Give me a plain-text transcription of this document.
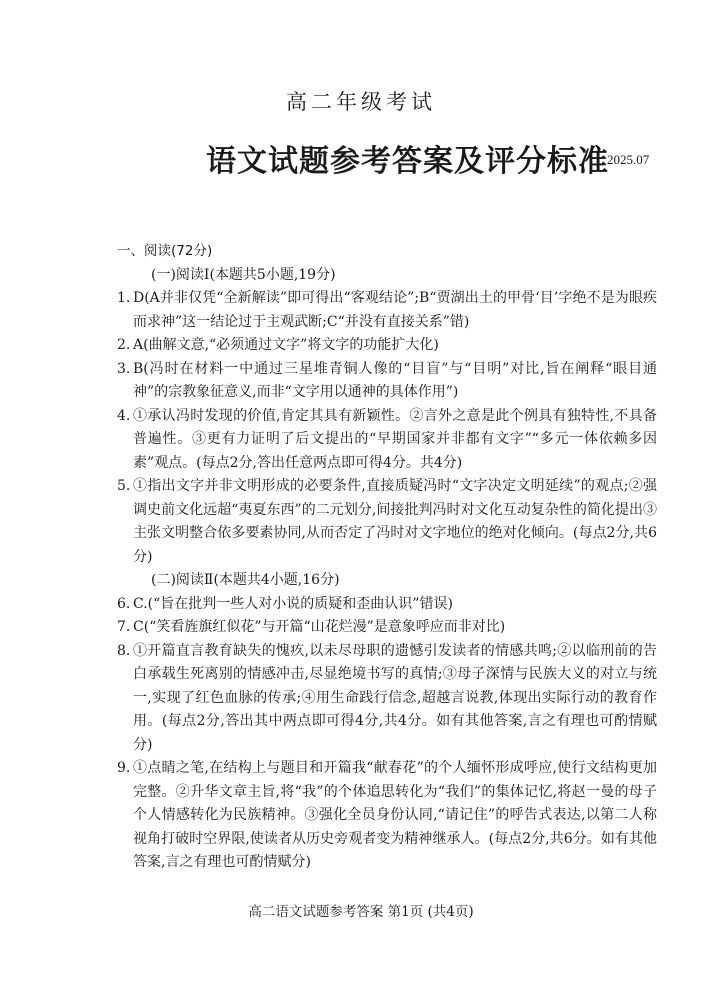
高二年级考试
语文试题参考答案及评分标准
2025.07
一、阅读(72分)
(一)阅读Ⅰ(本题共5小题,19分)
1. D(A并非仅凭“全新解读”即可得出“客观结论”;B“贾湖出土的甲骨‘目’字绝不是为眼疾而求神”这一结论过于主观武断;C“并没有直接关系”错)
2. A(曲解文意,“必须通过文字”将文字的功能扩大化)
3. B(冯时在材料一中通过三星堆青铜人像的“目盲”与“目明”对比,旨在阐释“眼目通神”的宗教象征意义,而非“文字用以通神的具体作用”)
4. ①承认冯时发现的价值,肯定其具有新颖性。②言外之意是此个例具有独特性,不具备普遍性。③更有力证明了后文提出的“早期国家并非都有文字”“多元一体依赖多因素”观点。(每点2分,答出任意两点即可得4分。共4分)
5. ①指出文字并非文明形成的必要条件,直接质疑冯时“文字决定文明延续”的观点;②强调史前文化远超“夷夏东西”的二元划分,间接批判冯时对文化互动复杂性的简化提出③主张文明整合依多要素协同,从而否定了冯时对文字地位的绝对化倾向。(每点2分,共6分)
(二)阅读Ⅱ(本题共4小题,16分)
6. C.(“旨在批判一些人对小说的质疑和歪曲认识”错误)
7. C(“笑看旌旗红似花”与开篇“山花烂漫”是意象呼应而非对比)
8. ①开篇直言教育缺失的愧疚,以未尽母职的遗憾引发读者的情感共鸣;②以临刑前的告白承载生死离别的情感冲击,尽显绝境书写的真情;③母子深情与民族大义的对立与统一,实现了红色血脉的传承;④用生命践行信念,超越言说教,体现出实际行动的教育作用。(每点2分,答出其中两点即可得4分,共4分。如有其他答案,言之有理也可酌情赋分)
9. ①点睛之笔,在结构上与题目和开篇我“献春花”的个人缅怀形成呼应,使行文结构更加完整。②升华文章主旨,将“我”的个体追思转化为“我们”的集体记忆,将赵一曼的母子个人情感转化为民族精神。③强化全员身份认同,“请记住”的呼告式表达,以第二人称视角打破时空界限,使读者从历史旁观者变为精神继承人。(每点2分,共6分。如有其他答案,言之有理也可酌情赋分)
高二语文试题参考答案 第1页 (共4页)
